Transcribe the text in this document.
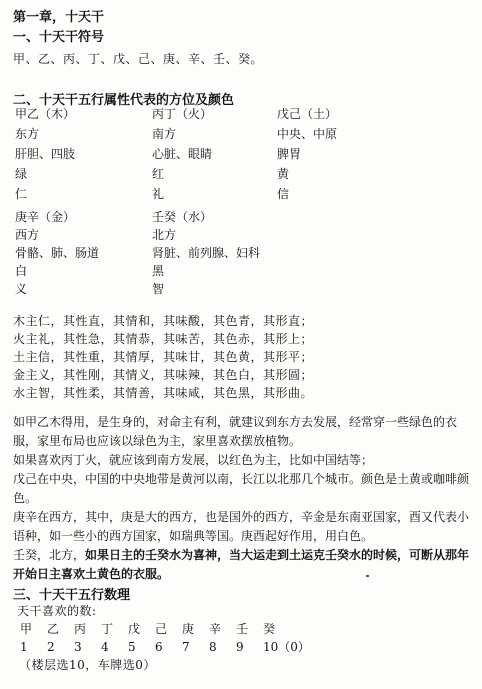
第一章，十天干
一、十天干符号
甲、乙、丙、丁、戊、己、庚、辛、壬、癸。
二、十天干五行属性代表的方位及颜色
甲乙（木）
东方
肝胆、四肢
绿
仁
丙丁（火）
南方
心脏、眼睛
红
礼
戊己（土）
中央、中原
脾胃
黄
信
庚辛（金）
西方
骨骼、肺、肠道
白
义
壬癸（水）
北方
肾脏、前列腺、妇科
黑
智
木主仁，其性直，其情和，其味酸，其色青，其形直；
火主礼，其性急，其情恭，其味苦，其色赤，其形上；
土主信，其性重，其情厚，其味甘，其色黄，其形平；
金主义，其性刚，其情义，其味辣，其色白，其形圆；
水主智，其性柔，其情善，其味咸，其色黑，其形曲。

如甲乙木得用，是生身的，对命主有利，就建议到东方去发展，经常穿一些绿色的衣服，家里布局也应该以绿色为主，家里喜欢摆放植物。

如果喜欢丙丁火，就应该到南方发展，以红色为主，比如中国结等；

戊己在中央，中国的中央地带是黄河以南，长江以北那几个城市。颜色是土黄或咖啡颜色。

庚辛在西方，其中，庚是大的西方，也是国外的西方，辛金是东南亚国家，酉又代表小语种，如一些小的西方国家，如瑞典等国。庚酉起好作用，用白色。

壬癸，北方，如果日主的壬癸水为喜神，当大运走到土运克壬癸水的时候，可断从那年开始日主喜欢土黄色的衣服。

三、十天干五行数理
天干喜欢的数:
甲 乙 丙 丁 戊 己 庚 辛 壬 癸
1 2 3 4 5 6 7 8 9 10（0）
（楼层选10，车牌选0）
